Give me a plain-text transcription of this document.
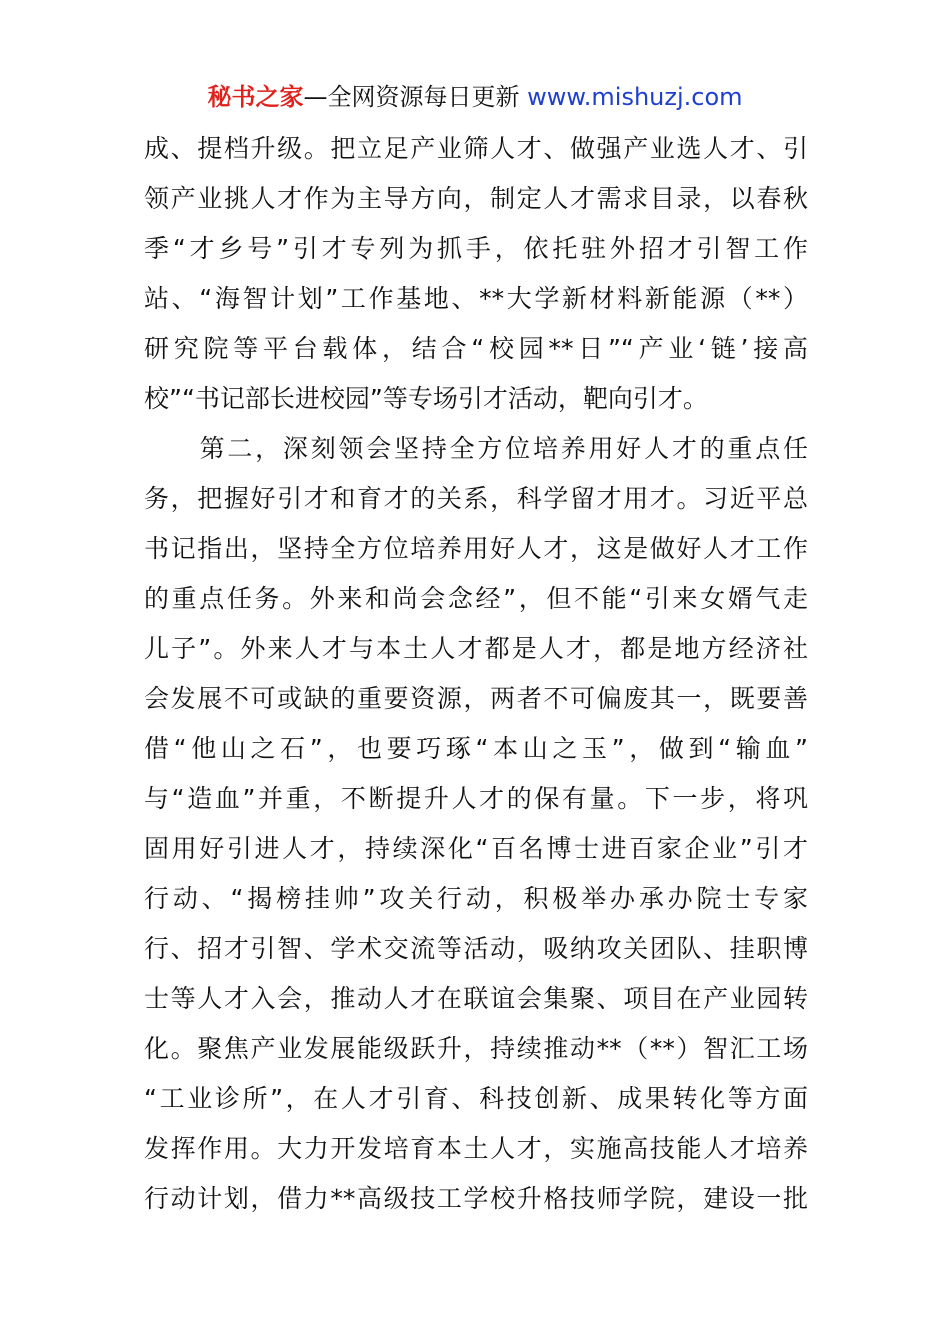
秘书之家—全网资源每日更新 www.mishuzj.com
成、提档升级。把立足产业筛人才、做强产业选人才、引
领产业挑人才作为主导方向，制定人才需求目录，以春秋
季“才乡号”引才专列为抓手，依托驻外招才引智工作
站、“海智计划”工作基地、**大学新材料新能源（**）
研究院等平台载体，结合“校园**日”“产业‘链’接高
校”“书记部长进校园”等专场引才活动，靶向引才。
　　第二，深刻领会坚持全方位培养用好人才的重点任
务，把握好引才和育才的关系，科学留才用才。习近平总
书记指出，坚持全方位培养用好人才，这是做好人才工作
的重点任务。外来和尚会念经”，但不能“引来女婿气走
儿子”。外来人才与本土人才都是人才，都是地方经济社
会发展不可或缺的重要资源，两者不可偏废其一，既要善
借“他山之石”，也要巧琢“本山之玉”，做到“输血”
与“造血”并重，不断提升人才的保有量。下一步，将巩
固用好引进人才，持续深化“百名博士进百家企业”引才
行动、“揭榜挂帅”攻关行动，积极举办承办院士专家
行、招才引智、学术交流等活动，吸纳攻关团队、挂职博
士等人才入会，推动人才在联谊会集聚、项目在产业园转
化。聚焦产业发展能级跃升，持续推动**（**）智汇工场
“工业诊所”，在人才引育、科技创新、成果转化等方面
发挥作用。大力开发培育本土人才，实施高技能人才培养
行动计划，借力**高级技工学校升格技师学院，建设一批
